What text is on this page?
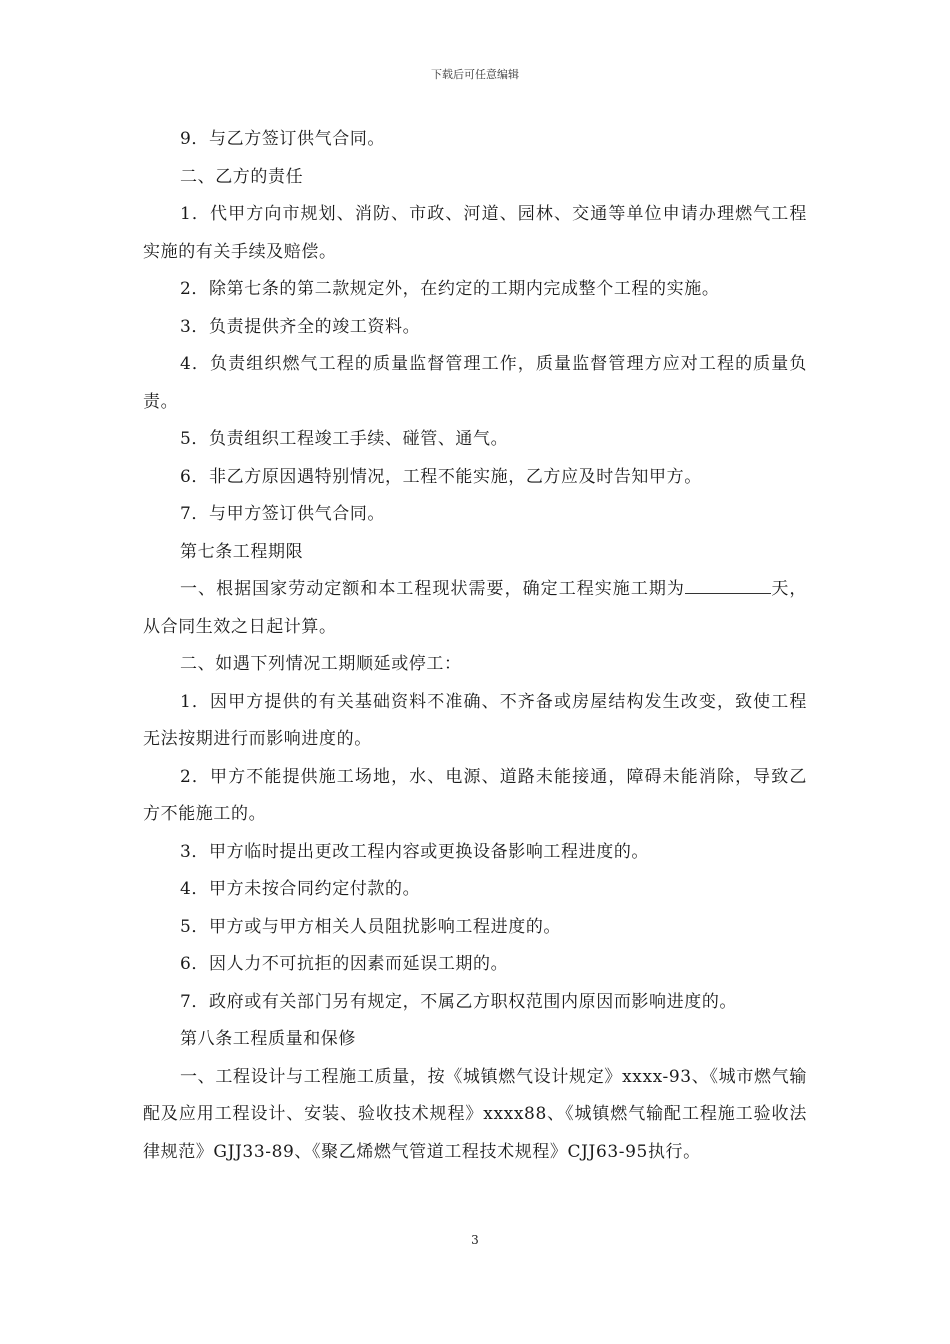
下载后可任意编辑

9．与乙方签订供气合同。

二、乙方的责任

1．代甲方向市规划、消防、市政、河道、园林、交通等单位申请办理燃气工程实施的有关手续及赔偿。

2．除第七条的第二款规定外，在约定的工期内完成整个工程的实施。

3．负责提供齐全的竣工资料。

4．负责组织燃气工程的质量监督管理工作，质量监督管理方应对工程的质量负责。

5．负责组织工程竣工手续、碰管、通气。

6．非乙方原因遇特别情况，工程不能实施，乙方应及时告知甲方。

7．与甲方签订供气合同。

第七条工程期限

一、根据国家劳动定额和本工程现状需要，确定工程实施工期为	天，从合同生效之日起计算。

二、如遇下列情况工期顺延或停工：

1．因甲方提供的有关基础资料不准确、不齐备或房屋结构发生改变，致使工程无法按期进行而影响进度的。

2．甲方不能提供施工场地，水、电源、道路未能接通，障碍未能消除，导致乙方不能施工的。

3．甲方临时提出更改工程内容或更换设备影响工程进度的。

4．甲方未按合同约定付款的。

5．甲方或与甲方相关人员阻扰影响工程进度的。

6．因人力不可抗拒的因素而延误工期的。

7．政府或有关部门另有规定，不属乙方职权范围内原因而影响进度的。

第八条工程质量和保修

一、工程设计与工程施工质量，按《城镇燃气设计规定》xxxx-93、《城市燃气输配及应用工程设计、安装、验收技术规程》xxxx88、《城镇燃气输配工程施工验收法律规范》GJJ33-89、《聚乙烯燃气管道工程技术规程》CJJ63-95执行。

3
